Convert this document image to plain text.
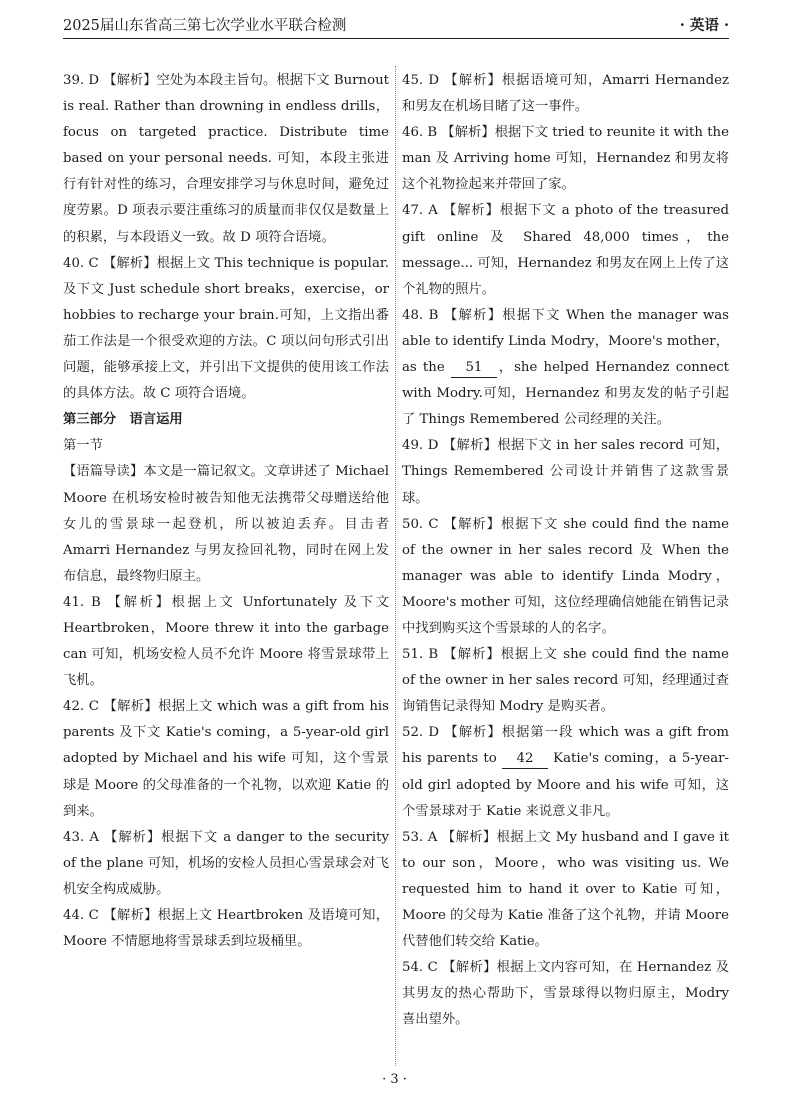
2025届山东省高三第七次学业水平联合检测	· 英语 ·

39. D 【解析】空处为本段主旨句。根据下文 Burnout is real. Rather than drowning in endless drills，focus on targeted practice. Distribute time based on your personal needs. 可知，本段主张进行有针对性的练习，合理安排学习与休息时间，避免过度劳累。D 项表示要注重练习的质量而非仅仅是数量上的积累，与本段语义一致。故 D 项符合语境。

40. C 【解析】根据上文 This technique is popular. 及下文 Just schedule short breaks，exercise，or hobbies to recharge your brain.可知，上文指出番茄工作法是一个很受欢迎的方法。C 项以问句形式引出问题，能够承接上文，并引出下文提供的使用该工作法的具体方法。故 C 项符合语境。

第三部分　语言运用

第一节

【语篇导读】本文是一篇记叙文。文章讲述了 Michael Moore 在机场安检时被告知他无法携带父母赠送给他女儿的雪景球一起登机，所以被迫丢弃。目击者 Amarri Hernandez 与男友捡回礼物，同时在网上发布信息，最终物归原主。

41. B 【解析】根据上文 Unfortunately 及下文 Heartbroken，Moore threw it into the garbage can 可知，机场安检人员不允许 Moore 将雪景球带上飞机。

42. C 【解析】根据上文 which was a gift from his parents 及下文 Katie's coming，a 5-year-old girl adopted by Michael and his wife 可知，这个雪景球是 Moore 的父母准备的一个礼物，以欢迎 Katie 的到来。

43. A 【解析】根据下文 a danger to the security of the plane 可知，机场的安检人员担心雪景球会对飞机安全构成威胁。

44. C 【解析】根据上文 Heartbroken 及语境可知，Moore 不情愿地将雪景球丢到垃圾桶里。

45. D 【解析】根据语境可知，Amarri Hernandez 和男友在机场目睹了这一事件。

46. B 【解析】根据下文 tried to reunite it with the man 及 Arriving home 可知，Hernandez 和男友将这个礼物捡起来并带回了家。

47. A 【解析】根据下文 a photo of the treasured gift online 及 Shared 48,000 times，the message... 可知，Hernandez 和男友在网上上传了这个礼物的照片。

48. B 【解析】根据下文 When the manager was able to identify Linda Modry，Moore's mother，as the 51 ，she helped Hernandez connect with Modry.可知，Hernandez 和男友发的帖子引起了 Things Remembered 公司经理的关注。

49. D 【解析】根据下文 in her sales record 可知，Things Remembered 公司设计并销售了这款雪景球。

50. C 【解析】根据下文 she could find the name of the owner in her sales record 及 When the manager was able to identify Linda Modry，Moore's mother 可知，这位经理确信她能在销售记录中找到购买这个雪景球的人的名字。

51. B 【解析】根据上文 she could find the name of the owner in her sales record 可知，经理通过查询销售记录得知 Modry 是购买者。

52. D 【解析】根据第一段 which was a gift from his parents to 42 Katie's coming，a 5-year-old girl adopted by Moore and his wife 可知，这个雪景球对于 Katie 来说意义非凡。

53. A 【解析】根据上文 My husband and I gave it to our son，Moore，who was visiting us. We requested him to hand it over to Katie 可知，Moore 的父母为 Katie 准备了这个礼物，并请 Moore 代替他们转交给 Katie。

54. C 【解析】根据上文内容可知，在 Hernandez 及其男友的热心帮助下，雪景球得以物归原主，Modry 喜出望外。

· 3 ·
